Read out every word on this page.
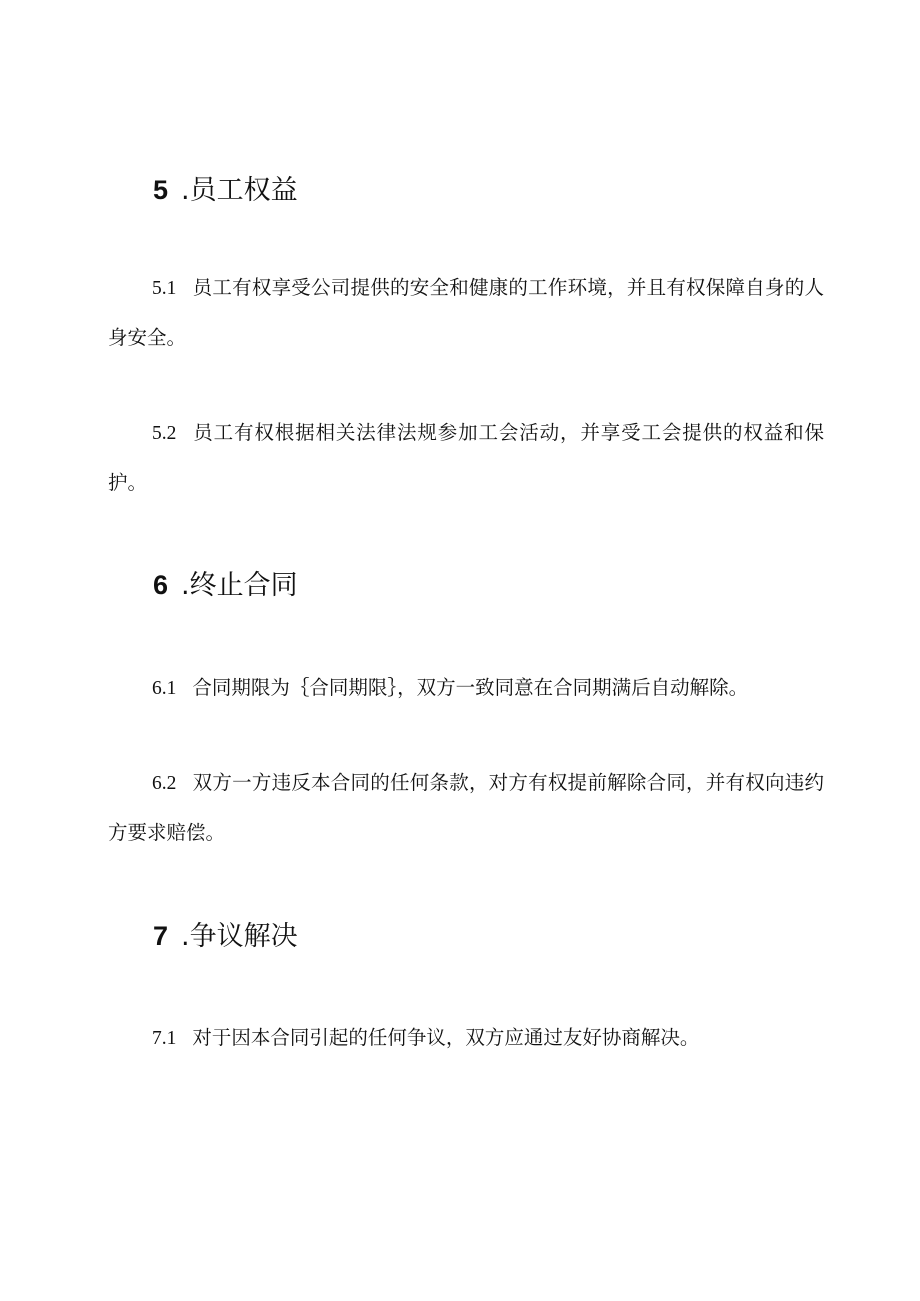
5 .员工权益

5.1 员工有权享受公司提供的安全和健康的工作环境，并且有权保障自身的人身安全。

5.2 员工有权根据相关法律法规参加工会活动，并享受工会提供的权益和保护。

6 .终止合同

6.1 合同期限为｛合同期限｝，双方一致同意在合同期满后自动解除。

6.2 双方一方违反本合同的任何条款，对方有权提前解除合同，并有权向违约方要求赔偿。

7 .争议解决

7.1 对于因本合同引起的任何争议，双方应通过友好协商解决。
